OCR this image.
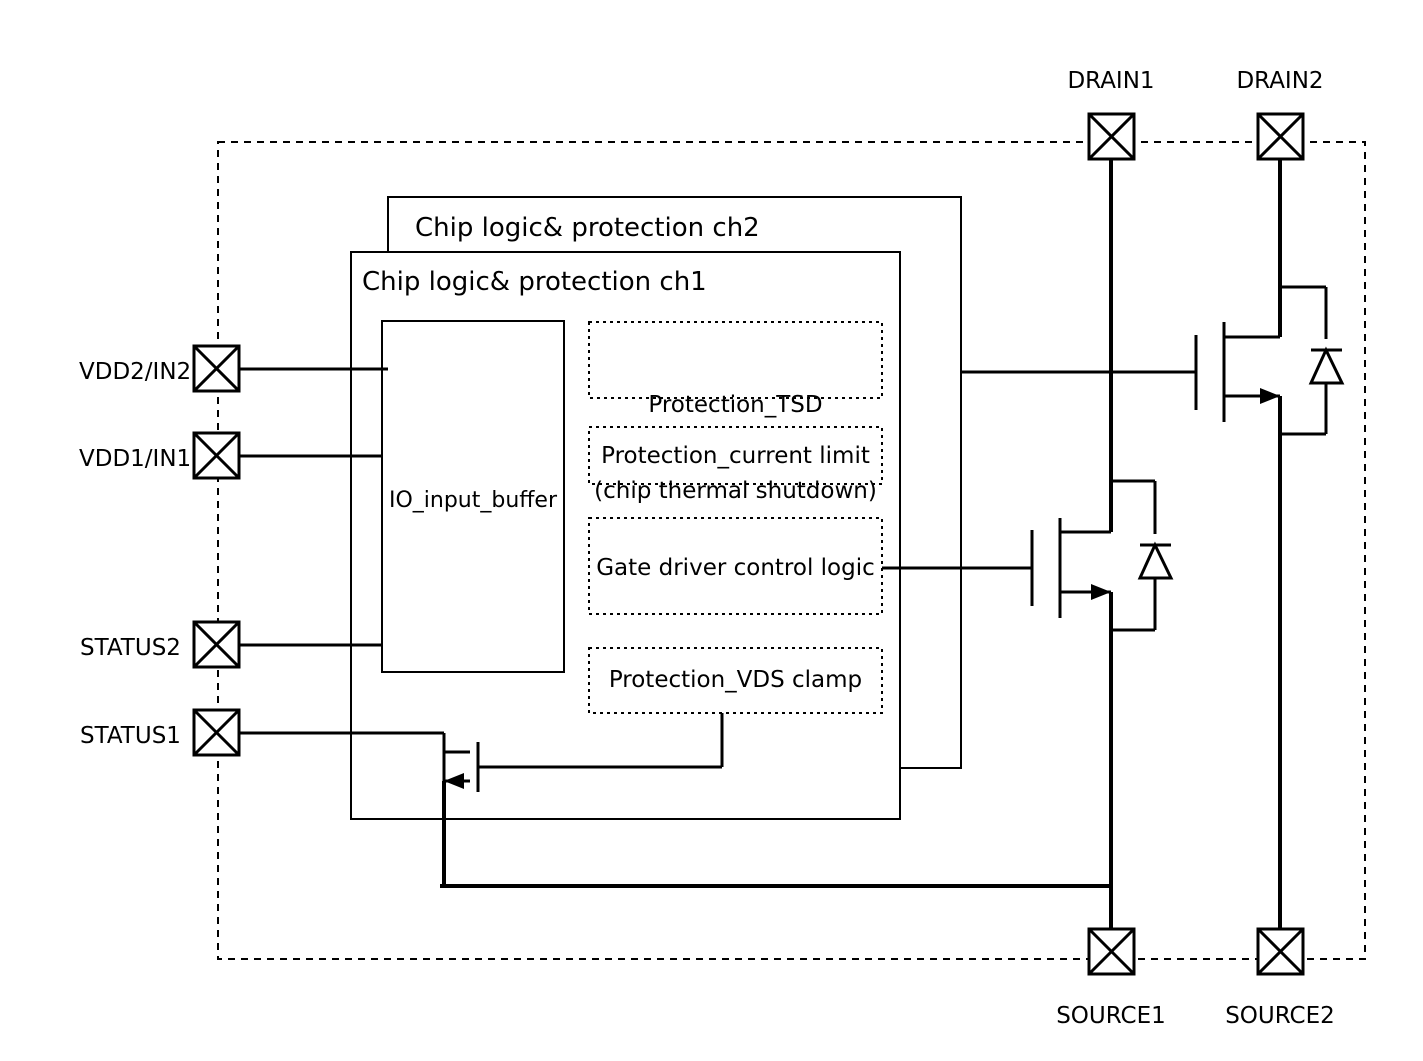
VDD2/IN2
VDD1/IN1
STATUS2
STATUS1
DRAIN1	DRAIN2
SOURCE1	SOURCE2
Chip logic& protection ch2
Chip logic& protection ch1
IO_input_buffer

Protection_TSD

(chip thermal shutdown)

Protection_current limit
Gate driver control logic
Protection_VDS clamp
